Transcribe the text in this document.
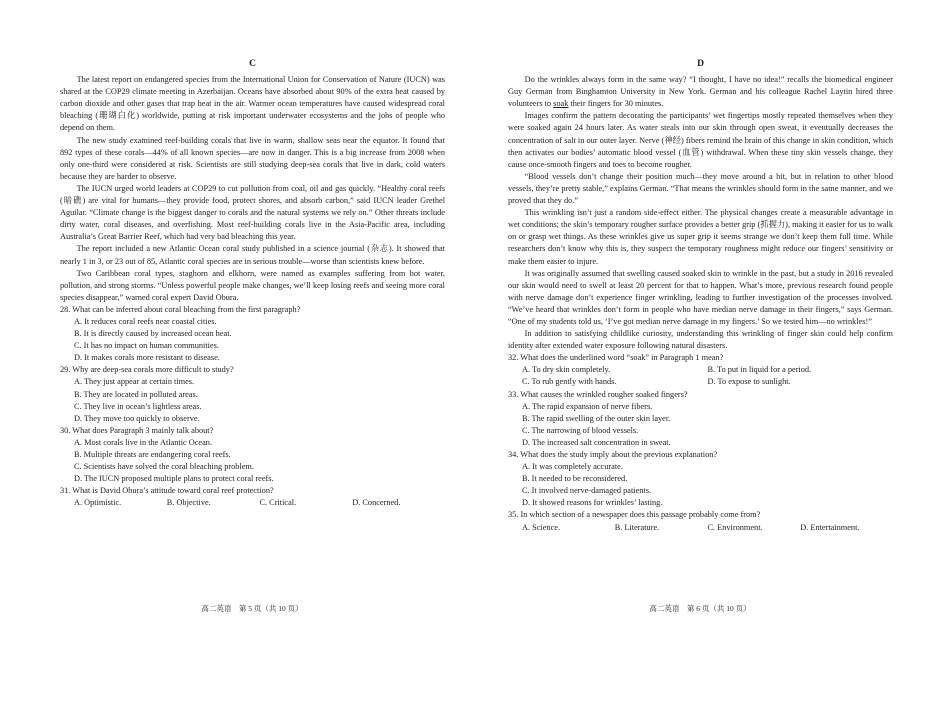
C

The latest report on endangered species from the International Union for Conservation of Nature (IUCN) was shared at the COP29 climate meeting in Azerbaijan. Oceans have absorbed about 90% of the extra heat caused by carbon dioxide and other gases that trap heat in the air. Warmer ocean temperatures have caused widespread coral bleaching (珊瑚白化) worldwide, putting at risk important underwater ecosystems and the jobs of people who depend on them.

The new study examined reef-building corals that live in warm, shallow seas near the equator. It found that 892 types of these corals—44% of all known species—are now in danger. This is a big increase from 2008 when only one-third were considered at risk. Scientists are still studying deep-sea corals that live in dark, cold waters because they are harder to observe.

The IUCN urged world leaders at COP29 to cut pollution from coal, oil and gas quickly. “Healthy coral reefs (暗礁) are vital for humans—they provide food, protect shores, and absorb carbon,” said IUCN leader Grethel Aguilar. “Climate change is the biggest danger to corals and the natural systems we rely on.” Other threats include dirty water, coral diseases, and overfishing. Most reef-building corals live in the Asia-Pacific area, including Australia’s Great Barrier Reef, which had very bad bleaching this year.

The report included a new Atlantic Ocean coral study published in a science journal (杂志). It showed that nearly 1 in 3, or 23 out of 85, Atlantic coral species are in serious trouble—worse than scientists knew before.

Two Caribbean coral types, staghorn and elkhorn, were named as examples suffering from hot water, pollution, and strong storms. “Unless powerful people make changes, we’ll keep losing reefs and seeing more coral species disappear,” warned coral expert David Obura.

28. What can be inferred about coral bleaching from the first paragraph?

A. It reduces coral reefs near coastal cities.

B. It is directly caused by increased ocean heat.

C. It has no impact on human communities.

D. It makes corals more resistant to disease.

29. Why are deep-sea corals more difficult to study?

A. They just appear at certain times.

B. They are located in polluted areas.

C. They live in ocean’s lightless areas.

D. They move too quickly to observe.

30. What does Paragraph 3 mainly talk about?

A. Most corals live in the Atlantic Ocean.

B. Multiple threats are endangering coral reefs.

C. Scientists have solved the coral bleaching problem.

D. The IUCN proposed multiple plans to protect coral reefs.

31. What is David Obura’s attitude toward coral reef protection?

A. Optimistic.	B. Objective.	C. Critical.	D. Concerned.
D

Do the wrinkles always form in the same way? “I thought, I have no idea!” recalls the biomedical engineer Guy German from Binghamton University in New York. German and his colleague Rachel Laytin hired three volunteers to soak their fingers for 30 minutes.

Images confirm the pattern decorating the participants’ wet fingertips mostly repeated themselves when they were soaked again 24 hours later. As water steals into our skin through open sweat, it eventually decreases the concentration of salt in our outer layer. Nerve (神经) fibers remind the brain of this change in skin condition, which then activates our bodies’ automatic blood vessel (血管) withdrawal. When these tiny skin vessels change, they cause once-smooth fingers and toes to become rougher.

“Blood vessels don’t change their position much—they move around a bit, but in relation to other blood vessels, they’re pretty stable,” explains German. “That means the wrinkles should form in the same manner, and we proved that they do.”

This wrinkling isn’t just a random side-effect either. The physical changes create a measurable advantage in wet conditions; the skin’s temporary rougher surface provides a better grip (抓握力), making it easier for us to walk on or grasp wet things. As these wrinkles give us super grip it seems strange we don’t keep them full time. While researchers don’t know why this is, they suspect the temporary roughness might reduce our fingers’ sensitivity or make them easier to injure.

It was originally assumed that swelling caused soaked skin to wrinkle in the past, but a study in 2016 revealed our skin would need to swell at least 20 percent for that to happen. What’s more, previous research found people with nerve damage don’t experience finger wrinkling, leading to further investigation of the processes involved. “We’ve heard that wrinkles don’t form in people who have median nerve damage in their fingers,” says German. “One of my students told us, ‘I’ve got median nerve damage in my fingers.’ So we tested him—no wrinkles!”

In addition to satisfying childlike curiosity, understanding this wrinkling of finger skin could help confirm identity after extended water exposure following natural disasters.

32. What does the underlined word “soak” in Paragraph 1 mean?

A. To dry skin completely.	B. To put in liquid for a period.
C. To rub gently with hands.	D. To expose to sunlight.

33. What causes the wrinkled rougher soaked fingers?

A. The rapid expansion of nerve fibers.

B. The rapid swelling of the outer skin layer.

C. The narrowing of blood vessels.

D. The increased salt concentration in sweat.

34. What does the study imply about the previous explanation?

A. It was completely accurate.

B. It needed to be reconsidered.

C. It involved nerve-damaged patients.

D. It showed reasons for wrinkles’ lasting.

35. In which section of a newspaper does this passage probably come from?

A. Science.	B. Literature.	C. Environment.	D. Entertainment.
高二英语　第 5 页（共 10 页）	高二英语　第 6 页（共 10 页）
